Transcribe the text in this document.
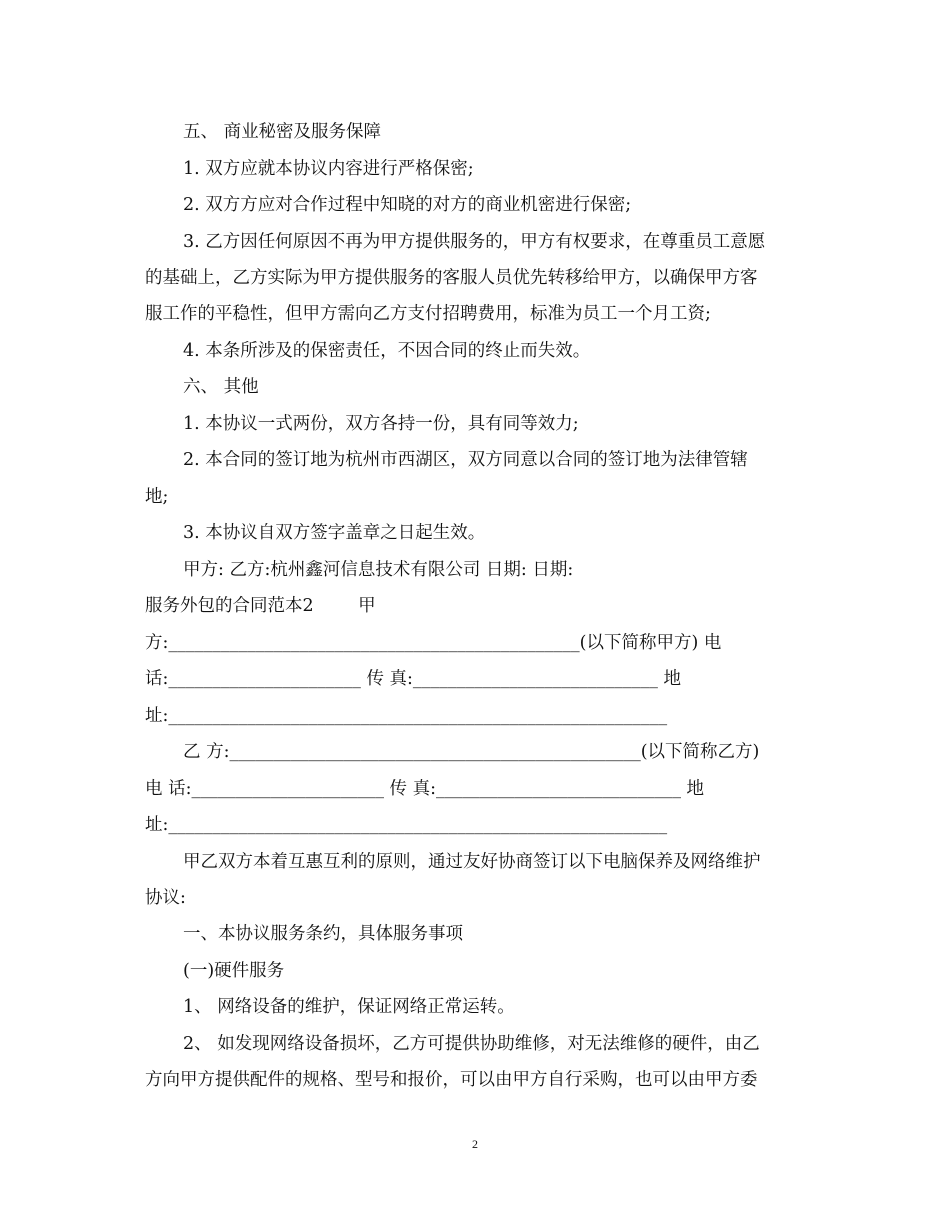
五、 商业秘密及服务保障
1. 双方应就本协议内容进行严格保密;
2. 双方方应对合作过程中知晓的对方的商业机密进行保密;
3. 乙方因任何原因不再为甲方提供服务的，甲方有权要求，在尊重员工意愿
的基础上，乙方实际为甲方提供服务的客服人员优先转移给甲方，以确保甲方客
服工作的平稳性，但甲方需向乙方支付招聘费用，标准为员工一个月工资;
4. 本条所涉及的保密责任，不因合同的终止而失效。
六、 其他
1. 本协议一式两份，双方各持一份，具有同等效力;
2. 本合同的签订地为杭州市西湖区，双方同意以合同的签订地为法律管辖
地;
3. 本协议自双方签字盖章之日起生效。
甲方: 乙方:杭州鑫河信息技术有限公司 日期: 日期:
服务外包的合同范本2        甲
方:_______________________________________________(以下简称甲方) 电
话:______________________ 传 真:____________________________ 地
址:_________________________________________________________
乙 方:_______________________________________________(以下简称乙方)
电 话:______________________ 传 真:____________________________ 地
址:_________________________________________________________
甲乙双方本着互惠互利的原则，通过友好协商签订以下电脑保养及网络维护
协议:
一、本协议服务条约，具体服务事项
(一)硬件服务
1、 网络设备的维护，保证网络正常运转。
2、 如发现网络设备损坏，乙方可提供协助维修，对无法维修的硬件，由乙
方向甲方提供配件的规格、型号和报价，可以由甲方自行采购，也可以由甲方委
2
